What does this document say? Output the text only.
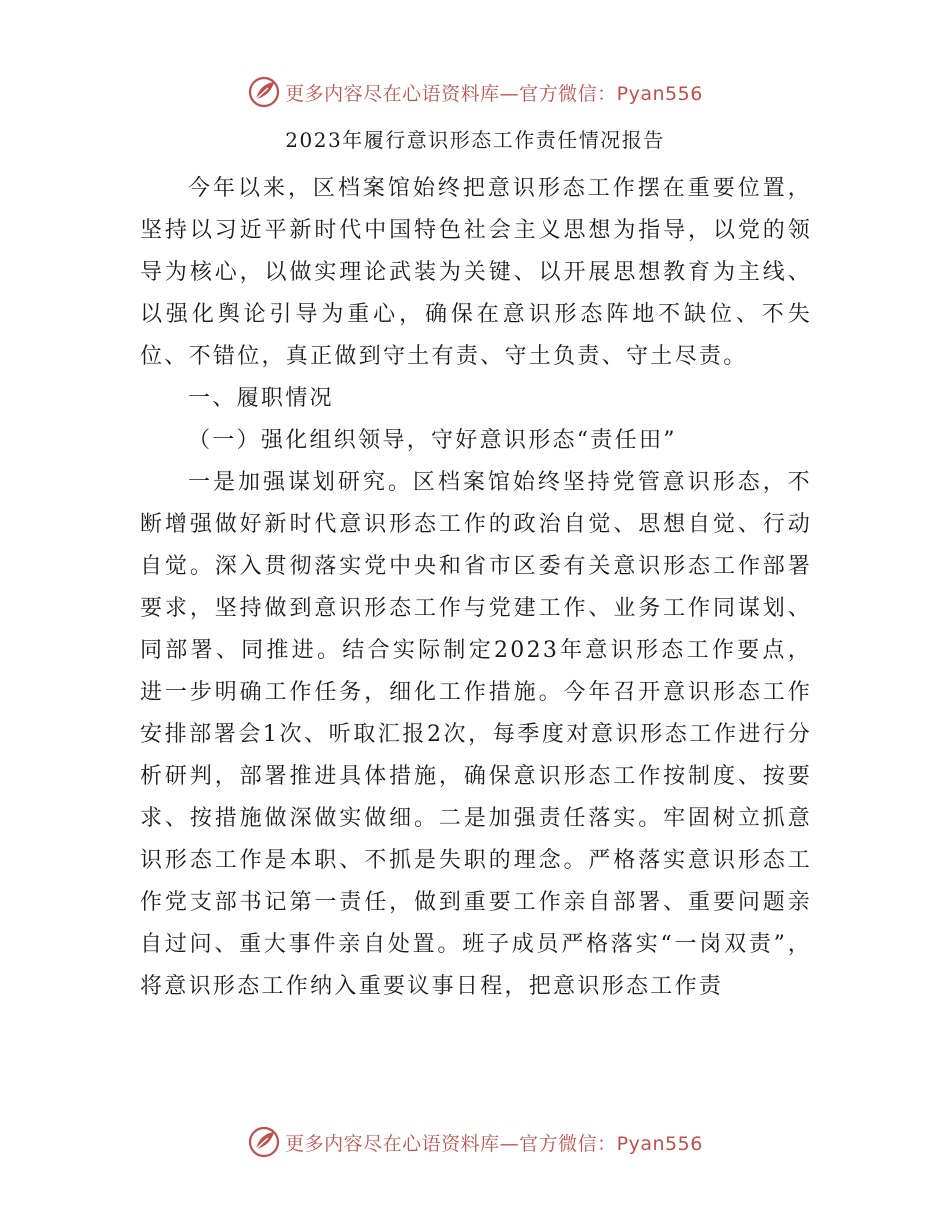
更多内容尽在心语资料库—官方微信：Pyan556
2023年履行意识形态工作责任情况报告

今年以来，区档案馆始终把意识形态工作摆在重要位置，坚持以习近平新时代中国特色社会主义思想为指导，以党的领导为核心，以做实理论武装为关键、以开展思想教育为主线、以强化舆论引导为重心，确保在意识形态阵地不缺位、不失位、不错位，真正做到守土有责、守土负责、守土尽责。

一、履职情况

（一）强化组织领导，守好意识形态“责任田”

一是加强谋划研究。区档案馆始终坚持党管意识形态，不断增强做好新时代意识形态工作的政治自觉、思想自觉、行动自觉。深入贯彻落实党中央和省市区委有关意识形态工作部署要求，坚持做到意识形态工作与党建工作、业务工作同谋划、同部署、同推进。结合实际制定2023年意识形态工作要点，进一步明确工作任务，细化工作措施。今年召开意识形态工作安排部署会1次、听取汇报2次，每季度对意识形态工作进行分析研判，部署推进具体措施，确保意识形态工作按制度、按要求、按措施做深做实做细。二是加强责任落实。牢固树立抓意识形态工作是本职、不抓是失职的理念。严格落实意识形态工作党支部书记第一责任，做到重要工作亲自部署、重要问题亲自过问、重大事件亲自处置。班子成员严格落实“一岗双责”，将意识形态工作纳入重要议事日程，把意识形态工作责

更多内容尽在心语资料库—官方微信：Pyan556
